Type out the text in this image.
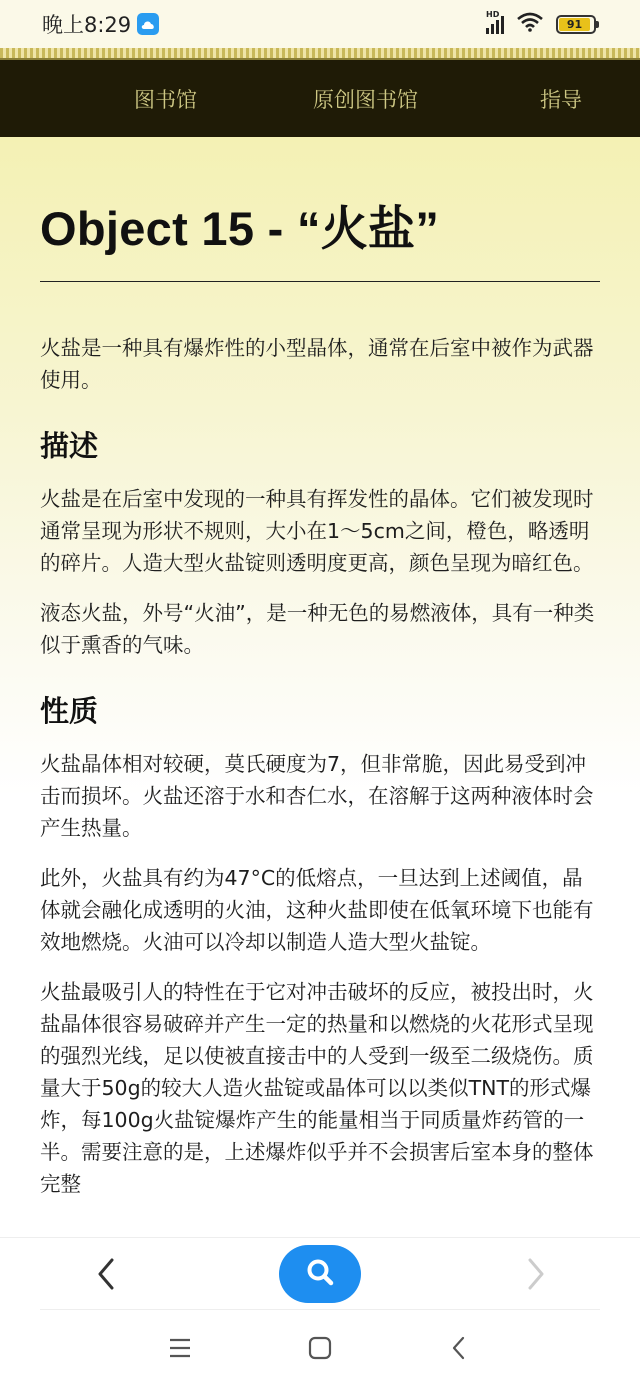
晚上8:29	HD
91
图书馆	原创图书馆	指导
Object 15 - “火盐”

火盐是一种具有爆炸性的小型晶体，通常在后室中被作为武器使用。

描述

火盐是在后室中发现的一种具有挥发性的晶体。它们被发现时通常呈现为形状不规则，大小在1～5cm之间，橙色，略透明的碎片。人造大型火盐锭则透明度更高，颜色呈现为暗红色。

液态火盐，外号“火油”，是一种无色的易燃液体，具有一种类似于熏香的气味。

性质

火盐晶体相对较硬，莫氏硬度为7，但非常脆，因此易受到冲击而损坏。火盐还溶于水和杏仁水，在溶解于这两种液体时会产生热量。

此外，火盐具有约为47°C的低熔点，一旦达到上述阈值，晶体就会融化成透明的火油，这种火盐即使在低氧环境下也能有效地燃烧。火油可以冷却以制造人造大型火盐锭。

火盐最吸引人的特性在于它对冲击破坏的反应，被投出时，火盐晶体很容易破碎并产生一定的热量和以燃烧的火花形式呈现的强烈光线，足以使被直接击中的人受到一级至二级烧伤。质量大于50g的较大人造火盐锭或晶体可以以类似TNT的形式爆炸，每100g火盐锭爆炸产生的能量相当于同质量炸药管的一半。需要注意的是，上述爆炸似乎并不会损害后室本身的整体完整
